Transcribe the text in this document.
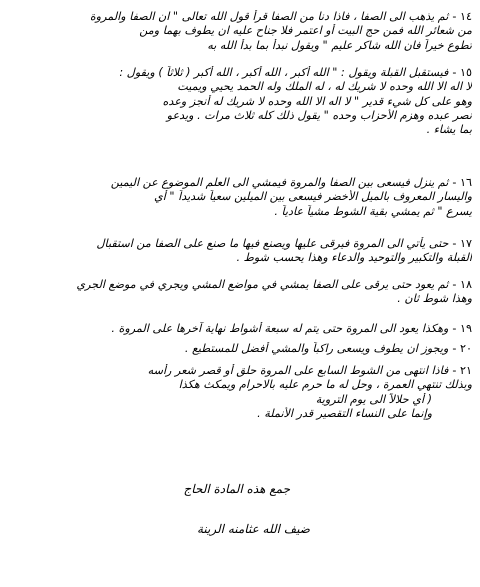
١٤ -ثم يذهب الى الصفا ، فاذا دنا من الصفا قرأ قول الله تعالى " ان الصفا والمروة
من شعائر الله فمن حج البيت أو اعتمر فلا جناح عليه ان يطوف بهما ومن
تطوع خيراً فان الله شاكر عليم " ويقول نبدأ بما بدأ الله به
١٥ -فيستقبل القبلة ويقول : " الله أكبر ، الله أكبر ، الله أكبر ( ثلاثاً ) ويقول :
لا اله الا الله وحده لا شريك له ، له الملك وله الحمد يحيي ويميت
وهو على كل شيء قدير " لا اله الا الله وحده لا شريك له أنجز وعده
نصر عبده وهزم الأحزاب وحده " يقول ذلك كله ثلاث مرات . ويدعو
بما يشاء .
١٦ -ثم ينزل فيسعى بين الصفا والمروة فيمشي الى العلم الموضوع عن اليمين
واليسار المعروف بالميل الأخضر فيسعى بين الميلين سعياً شديداً " أي
يسرع " ثم يمشي بقية الشوط مشياً عادياً .
١٧ -حتى يأتي الى المروة فيرقى عليها ويصنع فيها ما صنع على الصفا من استقبال
القبلة والتكبير والتوحيد والدعاء وهذا يحسب شوط .
١٨ -ثم يعود حتى يرقى على الصفا يمشي في مواضع المشي ويجري في موضع الجري
وهذا شوط ثان .
١٩ -وهكذا يعود الى المروة حتى يتم له سبعة أشواط نهاية آخرها على المروة .
٢٠ -ويجوز ان يطوف ويسعى راكباً والمشي أفضل للمستطيع .
٢١ -فاذا انتهى من الشوط السابع على المروة حلق أو قصر شعر رأسه
وبذلك تنتهي العمرة ، وحل له ما حرم عليه بالاحرام ويمكث هكذا
( أي حلالاً الى يوم التروية
وإنما على النساء التقصير قدر الأنملة .
جمع هذه المادة الحاج
ضيف الله عثامنه الرينة
